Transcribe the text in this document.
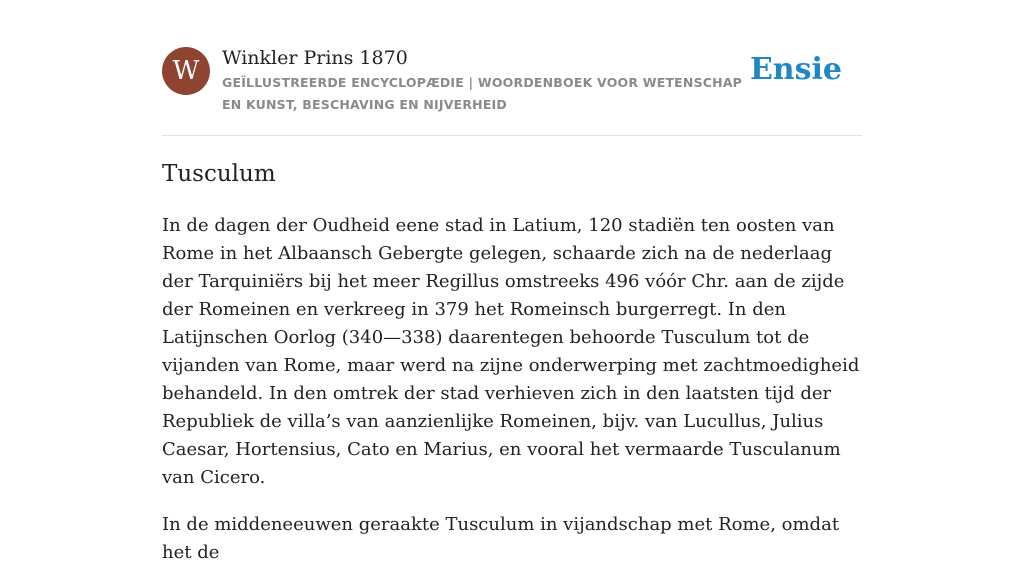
W	Winkler Prins 1870
GEÏLLUSTREERDE ENCYCLOPÆDIE | WOORDENBOEK VOOR WETENSCHAP EN KUNST, BESCHAVING EN NIJVERHEID
Ensie
Tusculum

In de dagen der Oudheid eene stad in Latium, 120 stadiën ten oosten van Rome in het Albaansch Gebergte gelegen, schaarde zich na de nederlaag der Tarquiniërs bij het meer Regillus omstreeks 496 vóór Chr. aan de zijde der Romeinen en verkreeg in 379 het Romeinsch burgerregt. In den Latijnschen Oorlog (340—338) daarentegen behoorde Tusculum tot de vijanden van Rome, maar werd na zijne onderwerping met zachtmoedigheid behandeld. In den omtrek der stad verhieven zich in den laatsten tijd der Republiek de villa’s van aanzienlijke Romeinen, bijv. van Lucullus, Julius Caesar, Hortensius, Cato en Marius, en vooral het vermaarde Tusculanum van Cicero.

In de middeneeuwen geraakte Tusculum in vijandschap met Rome, omdat het de
